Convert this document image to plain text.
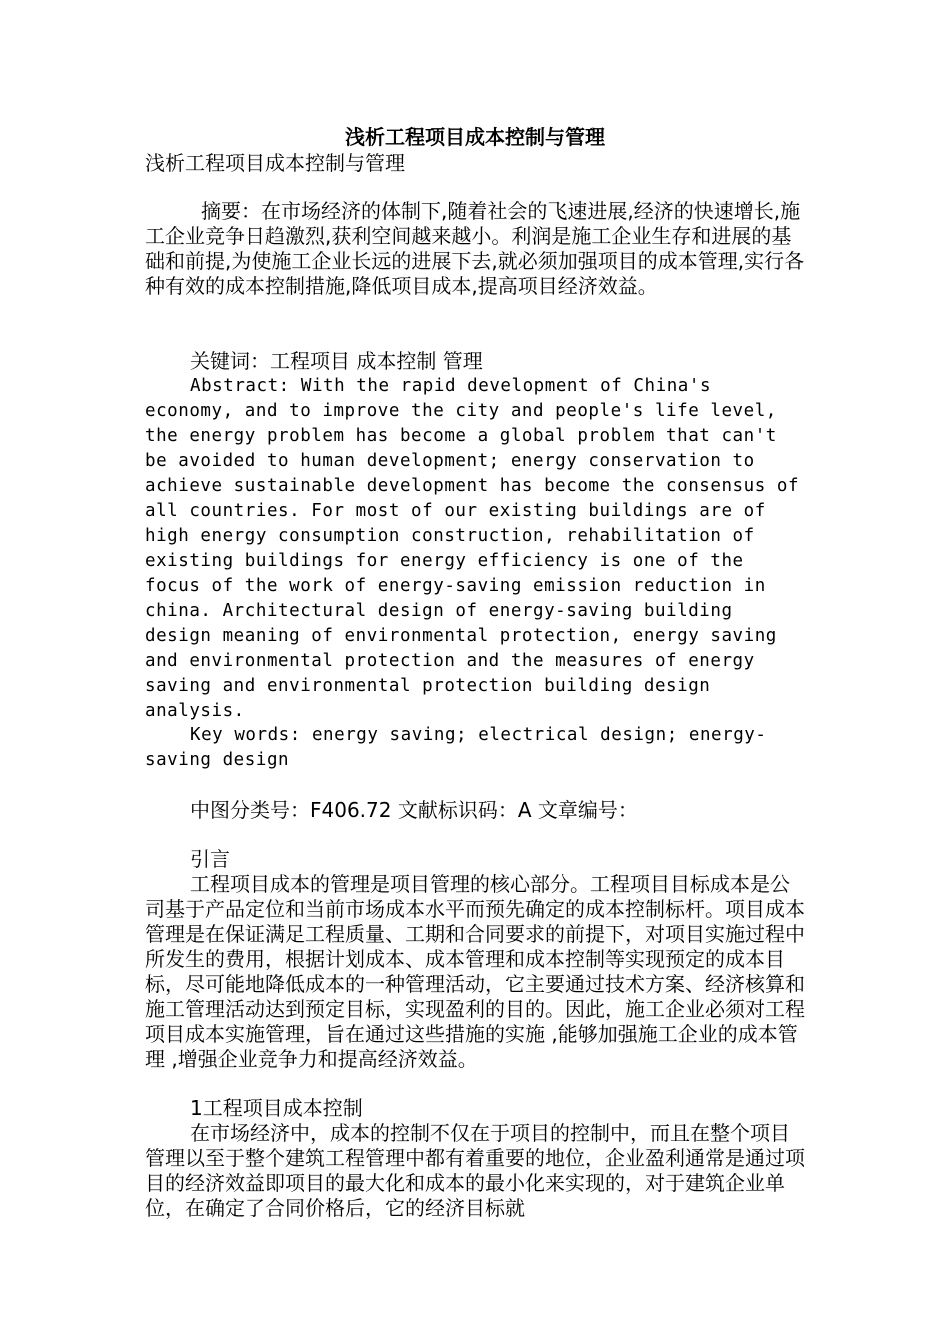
浅析工程项目成本控制与管理
浅析工程项目成本控制与管理

摘要：在市场经济的体制下,随着社会的飞速进展,经济的快速增长,施工企业竞争日趋激烈,获利空间越来越小。利润是施工企业生存和进展的基础和前提,为使施工企业长远的进展下去,就必须加强项目的成本管理,实行各种有效的成本控制措施,降低项目成本,提高项目经济效益。

关键词：工程项目 成本控制 管理

Abstract: With the rapid development of China's economy, and to improve the city and people's life level, the energy problem has become a global problem that can't be avoided to human development; energy conservation to achieve sustainable development has become the consensus of all countries. For most of our existing buildings are of high energy consumption construction, rehabilitation of existing buildings for energy efficiency is one of the focus of the work of energy-saving emission reduction in china. Architectural design of energy-saving building design meaning of environmental protection, energy saving and environmental protection and the measures of energy saving and environmental protection building design analysis.

Key words: energy saving; electrical design; energy-saving design

中图分类号：F406.72 文献标识码：A 文章编号：

引言

工程项目成本的管理是项目管理的核心部分。工程项目目标成本是公司基于产品定位和当前市场成本水平而预先确定的成本控制标杆。项目成本管理是在保证满足工程质量、工期和合同要求的前提下，对项目实施过程中所发生的费用，根据计划成本、成本管理和成本控制等实现预定的成本目标，尽可能地降低成本的一种管理活动，它主要通过技术方案、经济核算和施工管理活动达到预定目标，实现盈利的目的。因此，施工企业必须对工程项目成本实施管理，旨在通过这些措施的实施 ,能够加强施工企业的成本管理 ,增强企业竞争力和提高经济效益。

1工程项目成本控制

在市场经济中，成本的控制不仅在于项目的控制中，而且在整个项目管理以至于整个建筑工程管理中都有着重要的地位，企业盈利通常是通过项目的经济效益即项目的最大化和成本的最小化来实现的，对于建筑企业单位，在确定了合同价格后，它的经济目标就
